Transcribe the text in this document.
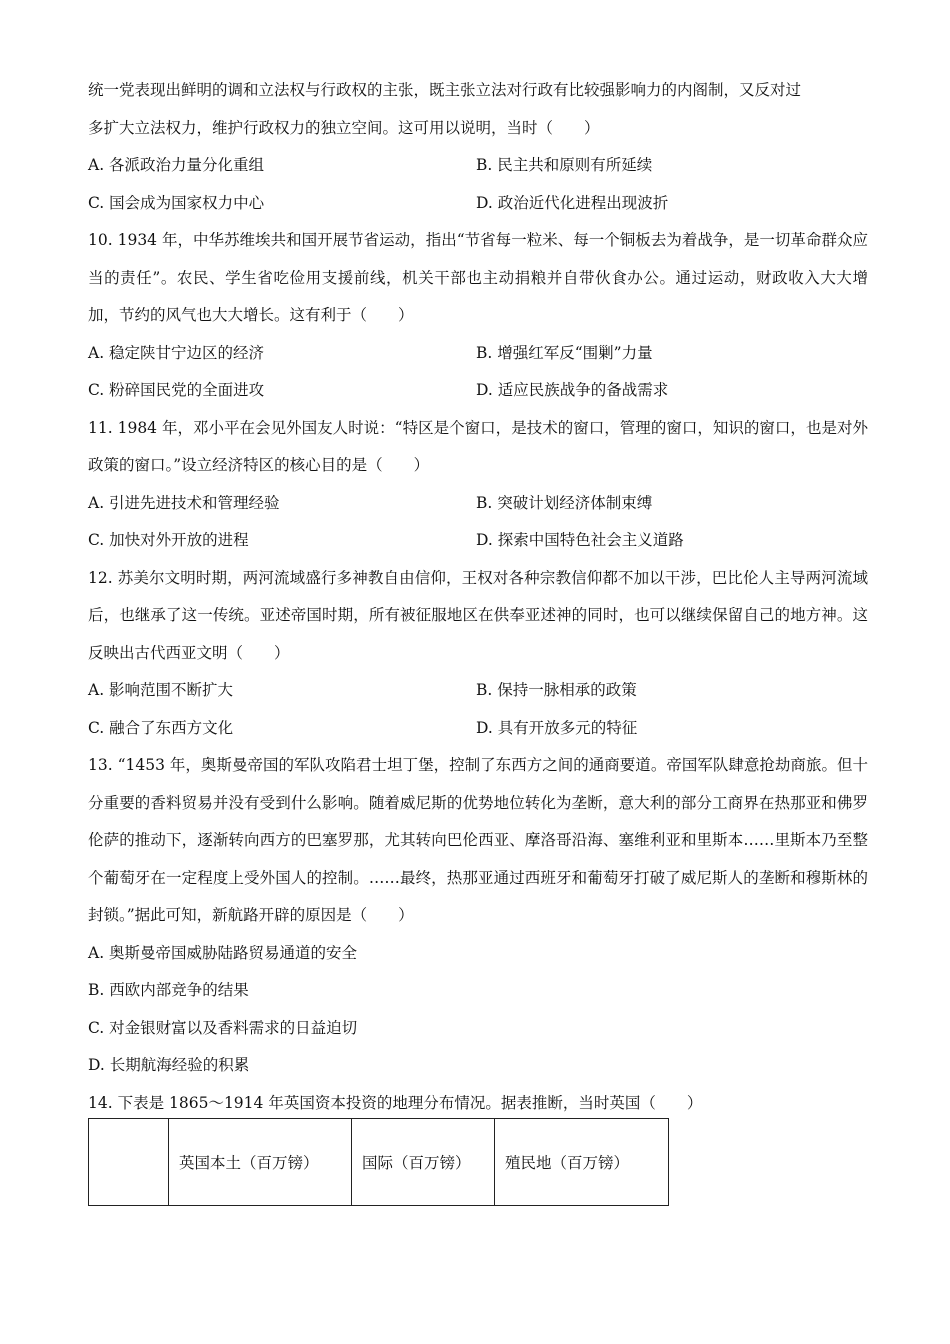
统一党表现出鲜明的调和立法权与行政权的主张，既主张立法对行政有比较强影响力的内阁制，又反对过
多扩大立法权力，维护行政权力的独立空间。这可用以说明，当时（　　）
A. 各派政治力量分化重组	B. 民主共和原则有所延续
C. 国会成为国家权力中心	D. 政治近代化进程出现波折
10. 1934 年，中华苏维埃共和国开展节省运动，指出“节省每一粒米、每一个铜板去为着战争，是一切革命群众应当的责任”。农民、学生省吃俭用支援前线，机关干部也主动捐粮并自带伙食办公。通过运动，财政收入大大增加，节约的风气也大大增长。这有利于（　　）
A. 稳定陕甘宁边区的经济	B. 增强红军反“围剿”力量
C. 粉碎国民党的全面进攻	D. 适应民族战争的备战需求
11. 1984 年，邓小平在会见外国友人时说：“特区是个窗口，是技术的窗口，管理的窗口，知识的窗口，也是对外政策的窗口。”设立经济特区的核心目的是（　　）
A. 引进先进技术和管理经验	B. 突破计划经济体制束缚
C. 加快对外开放的进程	D. 探索中国特色社会主义道路
12. 苏美尔文明时期，两河流域盛行多神教自由信仰，王权对各种宗教信仰都不加以干涉，巴比伦人主导两河流域后，也继承了这一传统。亚述帝国时期，所有被征服地区在供奉亚述神的同时，也可以继续保留自己的地方神。这反映出古代西亚文明（　　）
A. 影响范围不断扩大	B. 保持一脉相承的政策
C. 融合了东西方文化	D. 具有开放多元的特征
13. “1453 年，奥斯曼帝国的军队攻陷君士坦丁堡，控制了东西方之间的通商要道。帝国军队肆意抢劫商旅。但十分重要的香料贸易并没有受到什么影响。随着威尼斯的优势地位转化为垄断，意大利的部分工商界在热那亚和佛罗伦萨的推动下，逐渐转向西方的巴塞罗那，尤其转向巴伦西亚、摩洛哥沿海、塞维利亚和里斯本……里斯本乃至整个葡萄牙在一定程度上受外国人的控制。……最终，热那亚通过西班牙和葡萄牙打破了威尼斯人的垄断和穆斯林的封锁。”据此可知，新航路开辟的原因是（　　）
A. 奥斯曼帝国威胁陆路贸易通道的安全
B. 西欧内部竞争的结果
C. 对金银财富以及香料需求的日益迫切
D. 长期航海经验的积累
14. 下表是 1865～1914 年英国资本投资的地理分布情况。据表推断，当时英国（　　）
	英国本土（百万镑）	国际（百万镑）	殖民地（百万镑）
